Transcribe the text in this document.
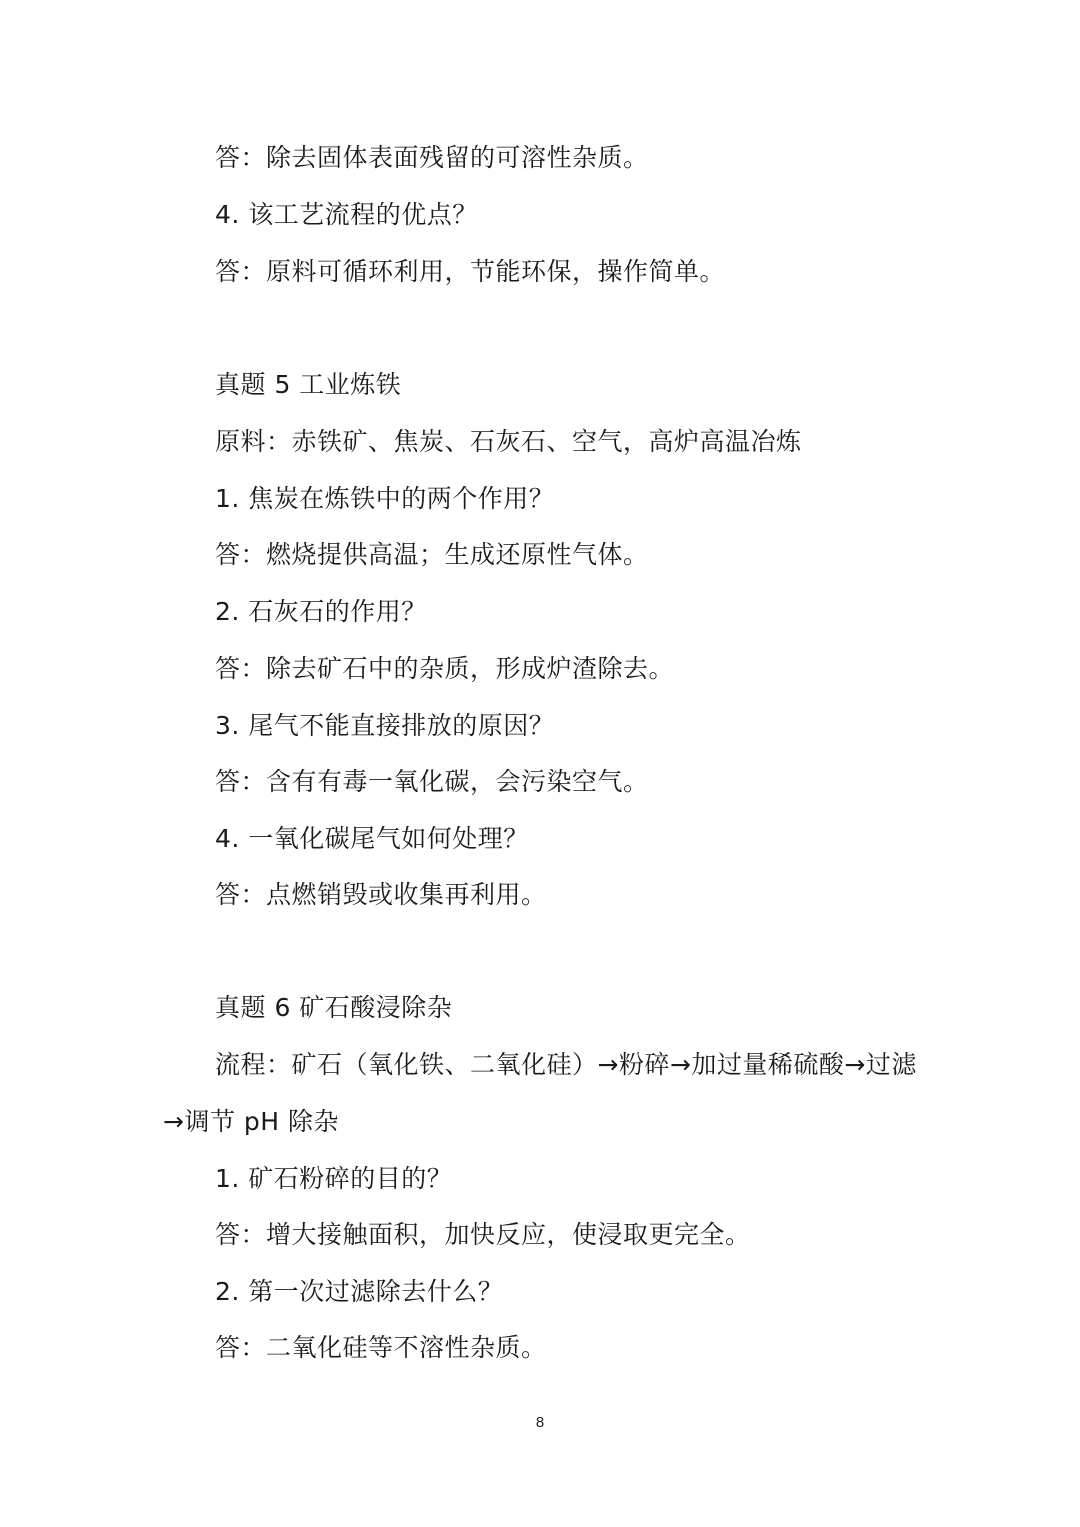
答：除去固体表面残留的可溶性杂质。
4. 该工艺流程的优点？
答：原料可循环利用，节能环保，操作简单。
真题 5 工业炼铁
原料：赤铁矿、焦炭、石灰石、空气，高炉高温冶炼
1. 焦炭在炼铁中的两个作用？
答：燃烧提供高温；生成还原性气体。
2. 石灰石的作用？
答：除去矿石中的杂质，形成炉渣除去。
3. 尾气不能直接排放的原因？
答：含有有毒一氧化碳，会污染空气。
4. 一氧化碳尾气如何处理？
答：点燃销毁或收集再利用。
真题 6 矿石酸浸除杂
流程：矿石（氧化铁、二氧化硅）→粉碎→加过量稀硫酸→过滤
→调节 pH 除杂
1. 矿石粉碎的目的？
答：增大接触面积，加快反应，使浸取更完全。
2. 第一次过滤除去什么？
答：二氧化硅等不溶性杂质。
8
